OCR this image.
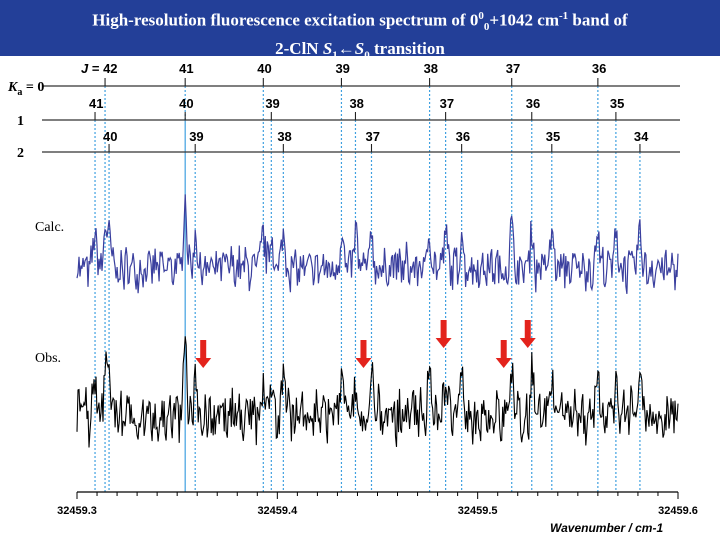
High-resolution fluorescence excitation spectrum of $0^0_0+1042$ $cm^{-1}$ band of
2-ClN $S_1\leftarrow S_0$ transition
$K_a = 0$
J = 42	41	40	39	38	37	36
1
41	40	39	38	37	36	35
2
40	39	38	37	36	35	34
32459.3	32459.4	32459.5	32459.6
Calc.
Obs.
Wavenumber / cm-1
